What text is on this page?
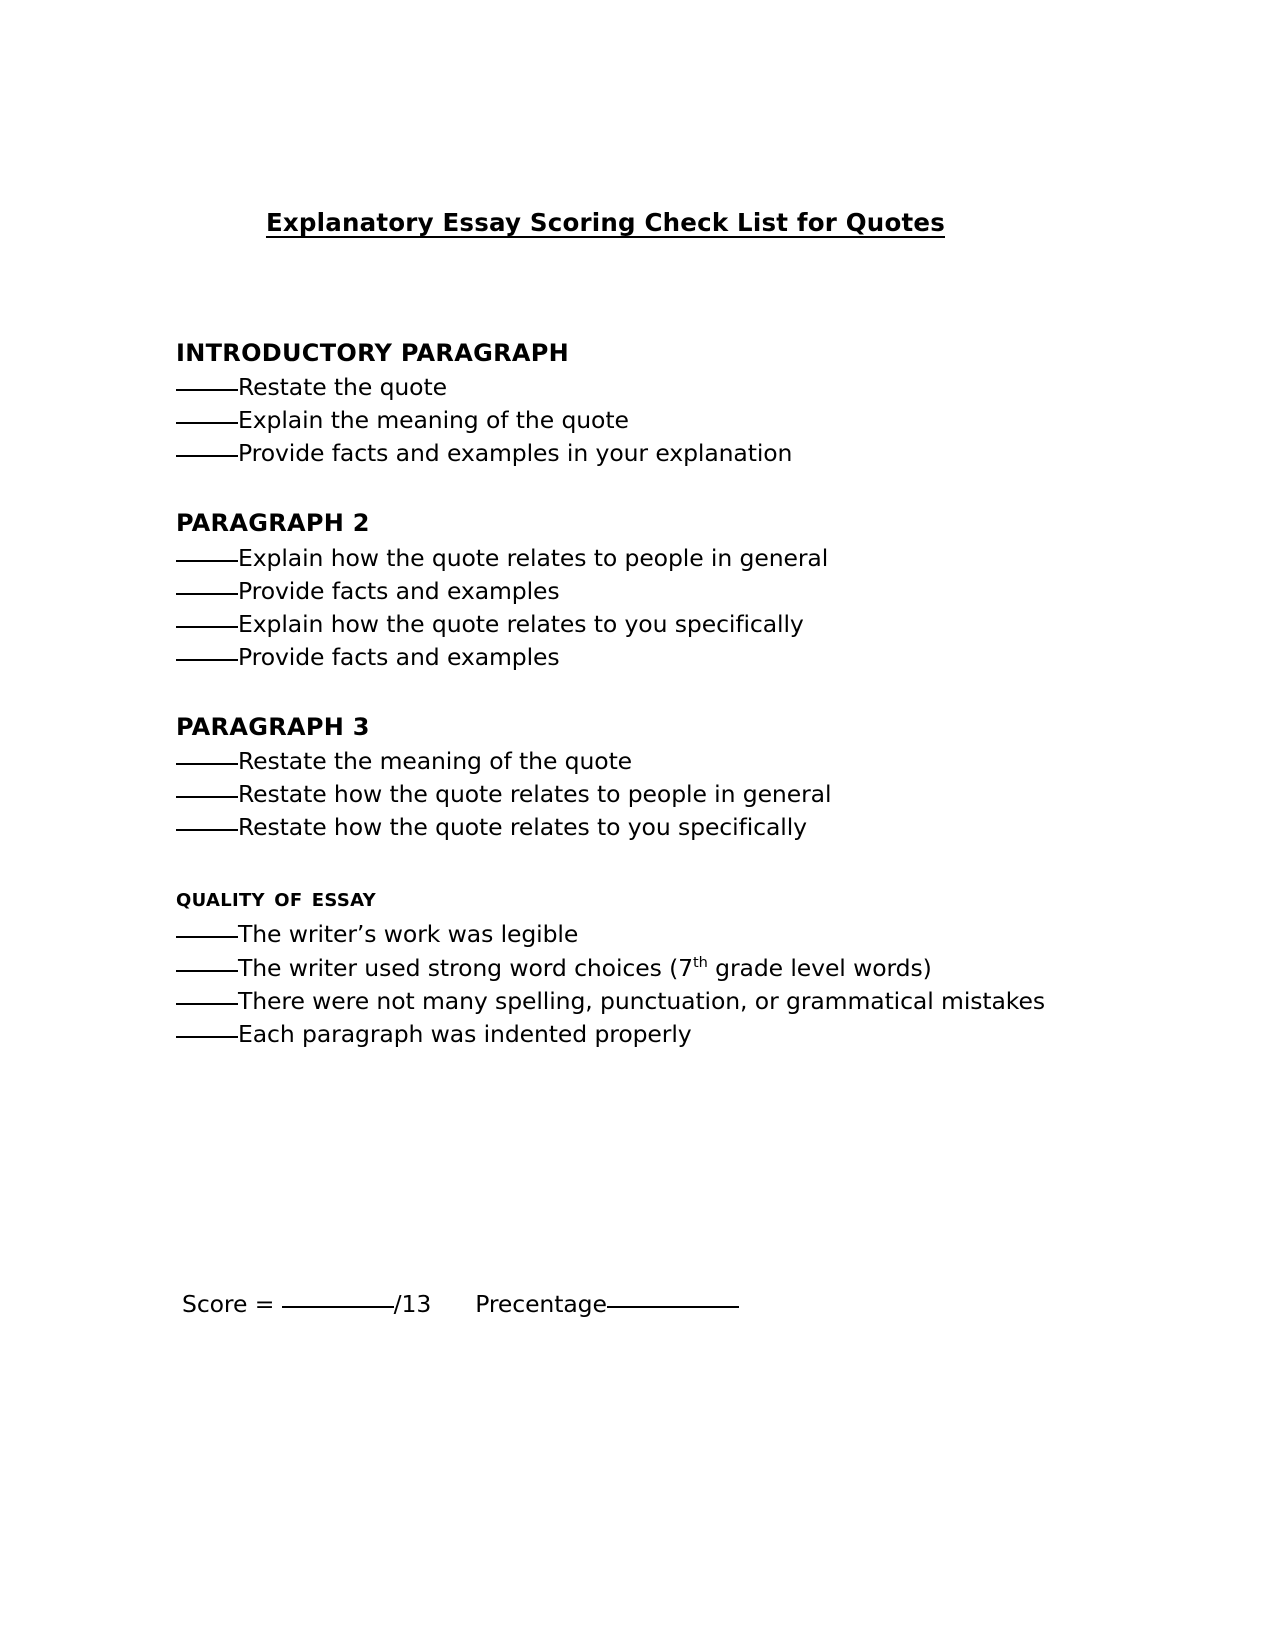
Explanatory Essay Scoring Check List for Quotes
INTRODUCTORY PARAGRAPH
Restate the quote
Explain the meaning of the quote
Provide facts and examples in your explanation
PARAGRAPH 2
Explain how the quote relates to people in general
Provide facts and examples
Explain how the quote relates to you specifically
Provide facts and examples
PARAGRAPH 3
Restate the meaning of the quote
Restate how the quote relates to people in general
Restate how the quote relates to you specifically
quality of essay
The writer’s work was legible
The writer used strong word choices (7th grade level words)
There were not many spelling, punctuation, or grammatical mistakes
Each paragraph was indented properly
Score =	/13 Precentage
